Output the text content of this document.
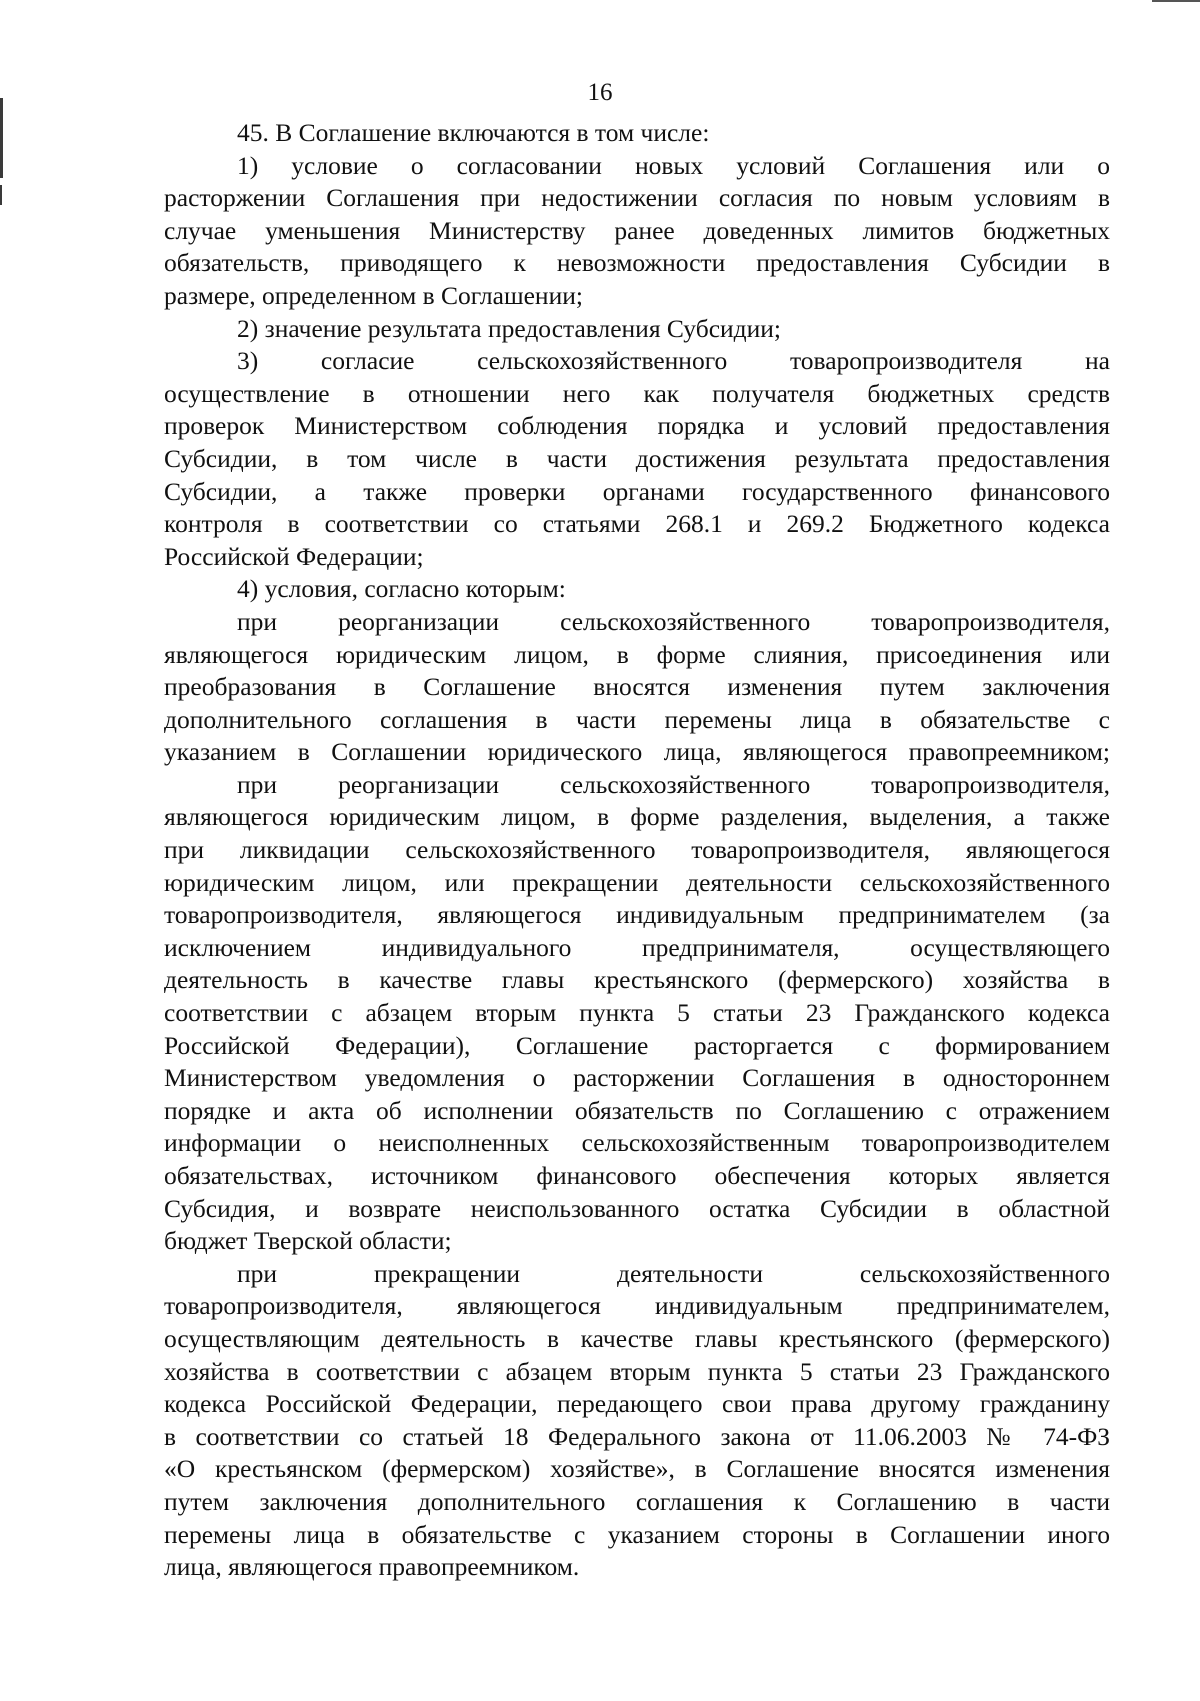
16
45. В Соглашение включаются в том числе:
1) условие о согласовании новых условий Соглашения или о
расторжении Соглашения при недостижении согласия по новым условиям в
случае уменьшения Министерству ранее доведенных лимитов бюджетных
обязательств, приводящего к невозможности предоставления Субсидии в
размере, определенном в Соглашении;
2) значение результата предоставления Субсидии;
3) согласие сельскохозяйственного товаропроизводителя на
осуществление в отношении него как получателя бюджетных средств
проверок Министерством соблюдения порядка и условий предоставления
Субсидии, в том числе в части достижения результата предоставления
Субсидии, а также проверки органами государственного финансового
контроля в соответствии со статьями 268.1 и 269.2 Бюджетного кодекса
Российской Федерации;
4) условия, согласно которым:
при реорганизации сельскохозяйственного товаропроизводителя,
являющегося юридическим лицом, в форме слияния, присоединения или
преобразования в Соглашение вносятся изменения путем заключения
дополнительного соглашения в части перемены лица в обязательстве с
указанием в Соглашении юридического лица, являющегося правопреемником;
при реорганизации сельскохозяйственного товаропроизводителя,
являющегося юридическим лицом, в форме разделения, выделения, а также
при ликвидации сельскохозяйственного товаропроизводителя, являющегося
юридическим лицом, или прекращении деятельности сельскохозяйственного
товаропроизводителя, являющегося индивидуальным предпринимателем (за
исключением индивидуального предпринимателя, осуществляющего
деятельность в качестве главы крестьянского (фермерского) хозяйства в
соответствии с абзацем вторым пункта 5 статьи 23 Гражданского кодекса
Российской Федерации), Соглашение расторгается с формированием
Министерством уведомления о расторжении Соглашения в одностороннем
порядке и акта об исполнении обязательств по Соглашению с отражением
информации о неисполненных сельскохозяйственным товаропроизводителем
обязательствах, источником финансового обеспечения которых является
Субсидия, и возврате неиспользованного остатка Субсидии в областной
бюджет Тверской области;
при прекращении деятельности сельскохозяйственного
товаропроизводителя, являющегося индивидуальным предпринимателем,
осуществляющим деятельность в качестве главы крестьянского (фермерского)
хозяйства в соответствии с абзацем вторым пункта 5 статьи 23 Гражданского
кодекса Российской Федерации, передающего свои права другому гражданину
в соответствии со статьей 18 Федерального закона от 11.06.2003 № 74-ФЗ
«О крестьянском (фермерском) хозяйстве», в Соглашение вносятся изменения
путем заключения дополнительного соглашения к Соглашению в части
перемены лица в обязательстве с указанием стороны в Соглашении иного
лица, являющегося правопреемником.
